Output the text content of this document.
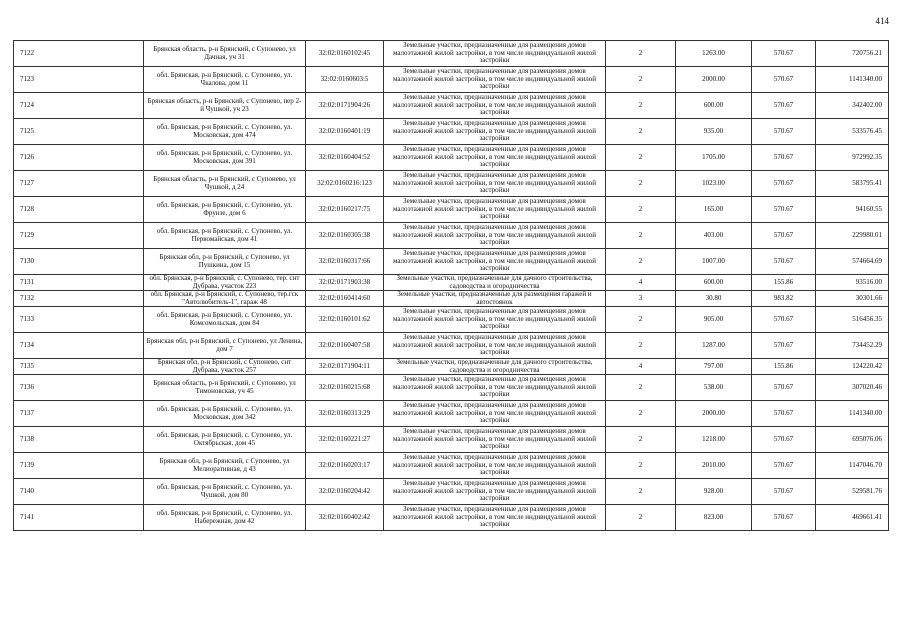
414
7122	Брянская область, р-н Брянский, с Супонево, ул Дачная, уч 31	32:02:0160102:45	Земельные участки, предназначенные для размещения домов малоэтажной жилой застройки, в том числе индивидуальной жилой застройки	2	1263.00	570.67	720756.21
7123	обл. Брянская, р-н Брянский, с. Супонево, ул. Чкалова, дом 11	32:02:0160603:5	Земельные участки, предназначенные для размещения домов малоэтажной жилой застройки, в том числе индивидуальной жилой застройки	2	2000.00	570.67	1141340.00
7124	Брянская область, р-н Брянский, с Супонево, пер 2-й Чушкой, уч 23	32:02:0171904:26	Земельные участки, предназначенные для размещения домов малоэтажной жилой застройки, в том числе индивидуальной жилой застройки	2	600.00	570.67	342402.00
7125	обл. Брянская, р-н Брянский, с. Супонево, ул. Московская, дом 474	32:02:0160401:19	Земельные участки, предназначенные для размещения домов малоэтажной жилой застройки, в том числе индивидуальной жилой застройки	2	935.00	570.67	533576.45
7126	обл. Брянская, р-н Брянский, с. Супонево, ул. Московская, дом 391	32:02:0160404:52	Земельные участки, предназначенные для размещения домов малоэтажной жилой застройки, в том числе индивидуальной жилой застройки	2	1705.00	570.67	972992.35
7127	Брянская область, р-н Брянский, с Супонево, ул Чушкой, д 24	32:02:0160216:123	Земельные участки, предназначенные для размещения домов малоэтажной жилой застройки, в том числе индивидуальной жилой застройки	2	1023.00	570.67	583795.41
7128	обл. Брянская, р-н Брянский, с. Супонево, ул. Фрунзе, дом 6	32:02:0160217:75	Земельные участки, предназначенные для размещения домов малоэтажной жилой застройки, в том числе индивидуальной жилой застройки	2	165.00	570.67	94160.55
7129	обл. Брянская, р-н Брянский, с. Супонево, ул. Первомайская, дом 41	32:02:0160305:38	Земельные участки, предназначенные для размещения домов малоэтажной жилой застройки, в том числе индивидуальной жилой застройки	2	403.00	570.67	229980.01
7130	Брянская обл, р-н Брянский, с Супонево, ул Пушкина, дом 15	32:02:0160317:66	Земельные участки, предназначенные для размещения домов малоэтажной жилой застройки, в том числе индивидуальной жилой застройки	2	1007.00	570.67	574664.69
7131	обл. Брянская, р-н Брянский, с. Супонево, тер. снт Дубрава, участок 223	32:02:0171903:38	Земельные участки, предназначенные для дачного строительства, садоводства и огородничества	4	600.00	155.86	93516.00
7132	обл. Брянская, р-н Брянский, с. Супонево, тер.гск "Автолюбитель-1", гараж 48	32:02:0160414:60	Земельные участки, предназначенные для размещения гаражей и автостоянок	3	30.80	983.82	30301.66
7133	обл. Брянская, р-н Брянский, с. Супонево, ул. Комсомольская, дом 84	32:02:0160101:62	Земельные участки, предназначенные для размещения домов малоэтажной жилой застройки, в том числе индивидуальной жилой застройки	2	905.00	570.67	516456.35
7134	Брянская обл, р-н Брянский, с Супонево, ул Ленина, дом 7	32:02:0160407:58	Земельные участки, предназначенные для размещения домов малоэтажной жилой застройки, в том числе индивидуальной жилой застройки	2	1287.00	570.67	734452.29
7135	Брянская обл, р-н Брянский, с Супонево, снт Дубрава, участок 257	32:02:0171904:11	Земельные участки, предназначенные для дачного строительства, садоводства и огородничества	4	797.00	155.86	124220.42
7136	Брянская область, р-н Брянский, с Супонево, ул Тимоновская, уч 45	32:02:0160215:68	Земельные участки, предназначенные для размещения домов малоэтажной жилой застройки, в том числе индивидуальной жилой застройки	2	538.00	570.67	307020.46
7137	обл. Брянская, р-н Брянский, с. Супонево, ул. Московская, дом 342	32:02:0160313:29	Земельные участки, предназначенные для размещения домов малоэтажной жилой застройки, в том числе индивидуальной жилой застройки	2	2000.00	570.67	1141340.00
7138	обл. Брянская, р-н Брянский, с. Супонево, ул. Октябрьская, дом 45	32:02:0160221:27	Земельные участки, предназначенные для размещения домов малоэтажной жилой застройки, в том числе индивидуальной жилой застройки	2	1218.00	570.67	695076.06
7139	Брянская обл, р-н Брянский, с Супонево, ул Мелиоративная, д 43	32:02:0160203:17	Земельные участки, предназначенные для размещения домов малоэтажной жилой застройки, в том числе индивидуальной жилой застройки	2	2010.00	570.67	1147046.70
7140	обл. Брянская, р-н Брянский, с. Супонево, ул. Чушкой, дом 80	32:02:0160204:42	Земельные участки, предназначенные для размещения домов малоэтажной жилой застройки, в том числе индивидуальной жилой застройки	2	928.00	570.67	529581.76
7141	обл. Брянская, р-н Брянский, с. Супонево, ул. Набережная, дом 42	32:02:0160402:42	Земельные участки, предназначенные для размещения домов малоэтажной жилой застройки, в том числе индивидуальной жилой застройки	2	823.00	570.67	469661.41
